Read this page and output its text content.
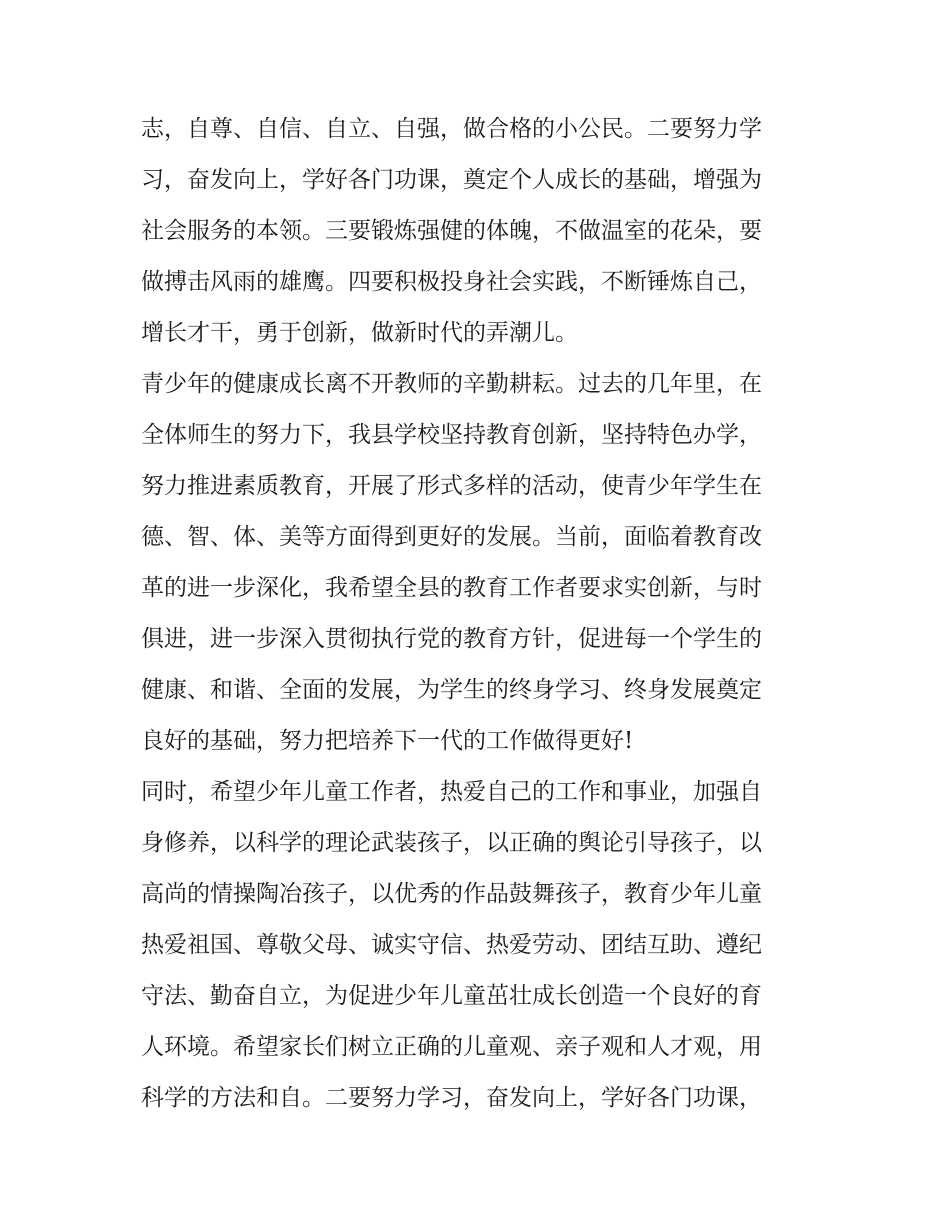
志，自尊、自信、自立、自强，做合格的小公民。二要努力学
习，奋发向上，学好各门功课，奠定个人成长的基础，增强为
社会服务的本领。三要锻炼强健的体魄，不做温室的花朵，要
做搏击风雨的雄鹰。四要积极投身社会实践，不断锤炼自己，
增长才干，勇于创新，做新时代的弄潮儿。
青少年的健康成长离不开教师的辛勤耕耘。过去的几年里，在
全体师生的努力下，我县学校坚持教育创新，坚持特色办学，
努力推进素质教育，开展了形式多样的活动，使青少年学生在
德、智、体、美等方面得到更好的发展。当前，面临着教育改
革的进一步深化，我希望全县的教育工作者要求实创新，与时
俱进，进一步深入贯彻执行党的教育方针，促进每一个学生的
健康、和谐、全面的发展，为学生的终身学习、终身发展奠定
良好的基础，努力把培养下一代的工作做得更好!
同时，希望少年儿童工作者，热爱自己的工作和事业，加强自
身修养，以科学的理论武装孩子，以正确的舆论引导孩子，以
高尚的情操陶冶孩子，以优秀的作品鼓舞孩子，教育少年儿童
热爱祖国、尊敬父母、诚实守信、热爱劳动、团结互助、遵纪
守法、勤奋自立，为促进少年儿童茁壮成长创造一个良好的育
人环境。希望家长们树立正确的儿童观、亲子观和人才观，用
科学的方法和自。二要努力学习，奋发向上，学好各门功课，
